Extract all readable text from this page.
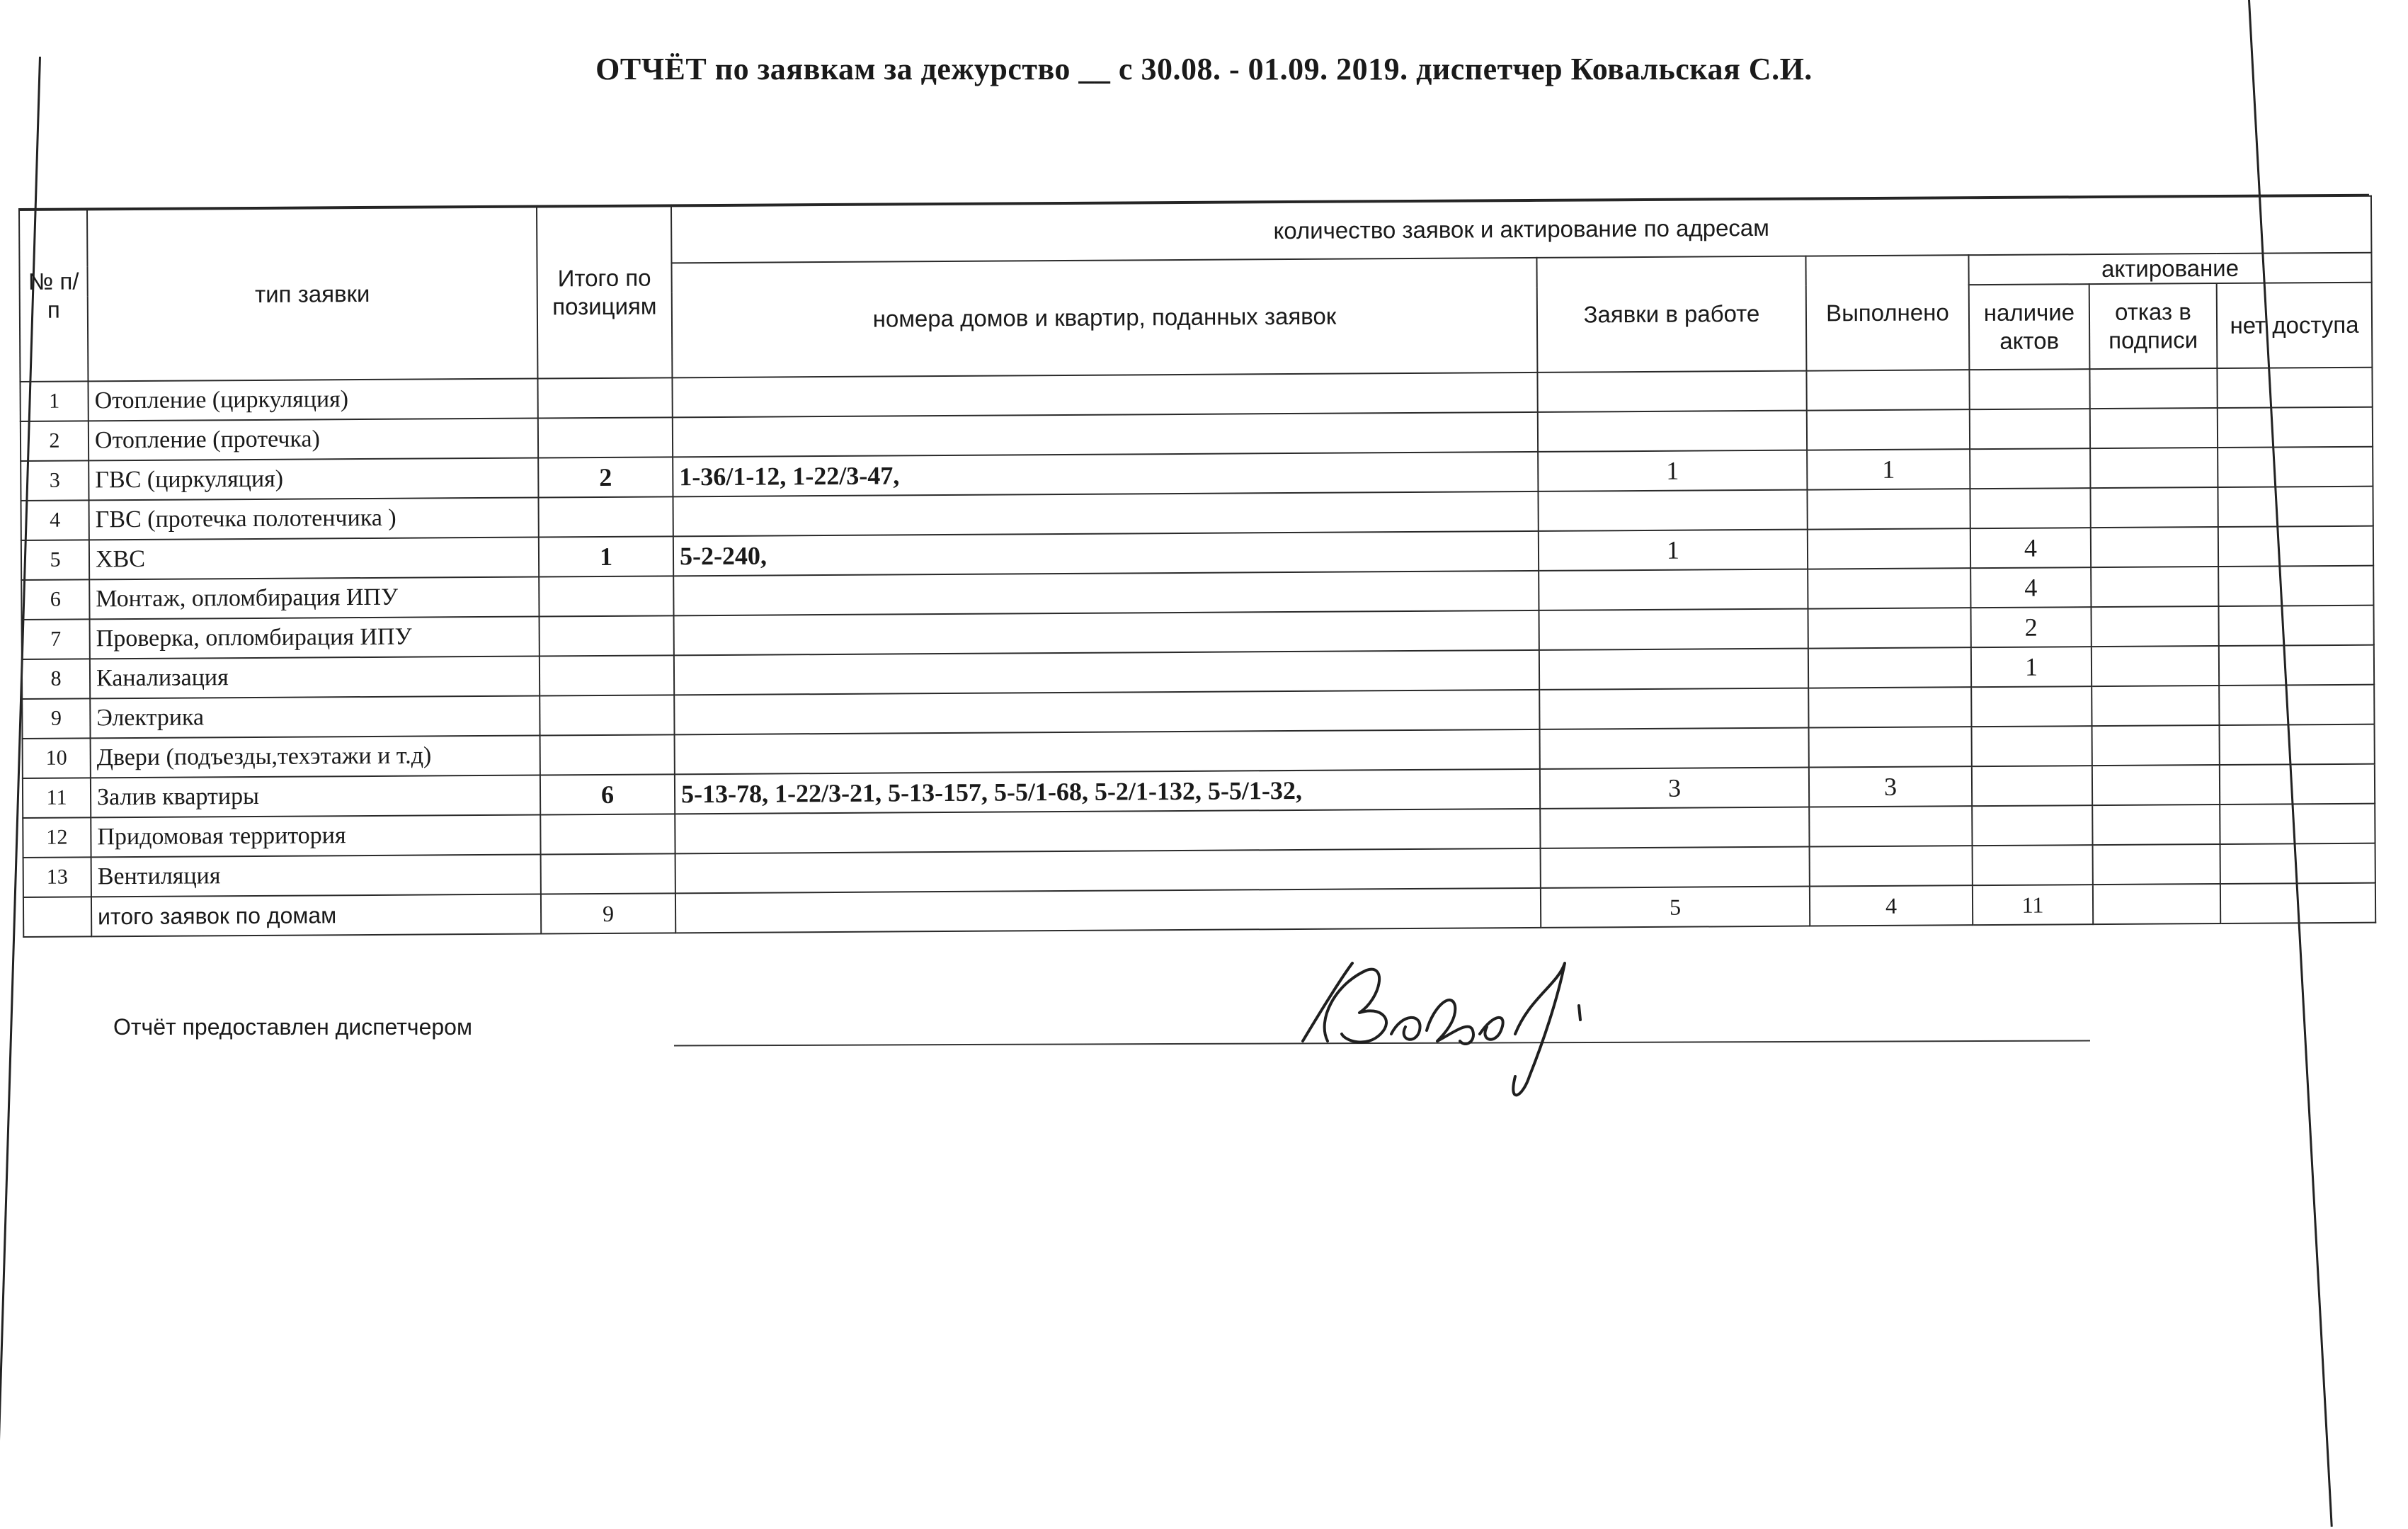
ОТЧЁТ по заявкам за дежурство __ с 30.08. - 01.09. 2019. диспетчер Ковальская С.И.
№ п/п	тип заявки	Итого по позициям	количество заявок и актирование по адресам					
			номера домов и квартир, поданных заявок	Заявки в работе	Выполнено	актирование		
						наличие актов	отказ в подписи	нет доступа
1	Отопление (циркуляция)							
2	Отопление (протечка)							
3	ГВС (циркуляция)	2	1-36/1-12, 1-22/3-47,	1	1			
4	ГВС (протечка полотенчика )							
5	ХВС	1	5-2-240,	1		4		
6	Монтаж, опломбирация ИПУ					4		
7	Проверка, опломбирация ИПУ					2		
8	Канализация					1		
9	Электрика							
10	Двери (подъезды,техэтажи и т.д)							
11	Залив квартиры	6	5-13-78, 1-22/3-21, 5-13-157, 5-5/1-68, 5-2/1-132, 5-5/1-32,	3	3			
12	Придомовая территория							
13	Вентиляция							
	итого заявок по домам	9		5	4	11		
Отчёт предоставлен диспетчером
